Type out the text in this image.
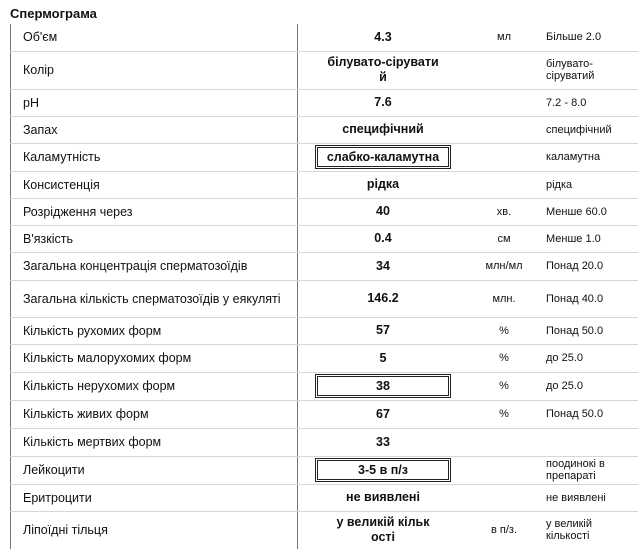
Спермограма
Об'єм	4.3	мл	Більше 2.0
Колір	білувато-сіруватий		білувато-сіруватий
pH	7.6		7.2 - 8.0
Запах	специфічний		специфічний
Каламутність	слабко-каламутна		каламутна
Консистенція	рідка		рідка
Розрідження через	40	хв.	Менше 60.0
В'язкість	0.4	см	Менше 1.0
Загальна концентрація сперматозоїдів	34	млн/мл	Понад 20.0
Загальна кількість сперматозоїдів у еякуляті	146.2	млн.	Понад 40.0
Кількість рухомих форм	57	%	Понад 50.0
Кількість малорухомих форм	5	%	до 25.0
Кількість нерухомих форм	38	%	до 25.0
Кількість живих форм	67	%	Понад 50.0
Кількість мертвих форм	33		
Лейкоцити	3-5 в п/з		поодинокі в препараті
Еритроцити	не виявлені		не виявлені
Ліпоїдні тільця	у великій кількості	в п/з.	у великій кількості
